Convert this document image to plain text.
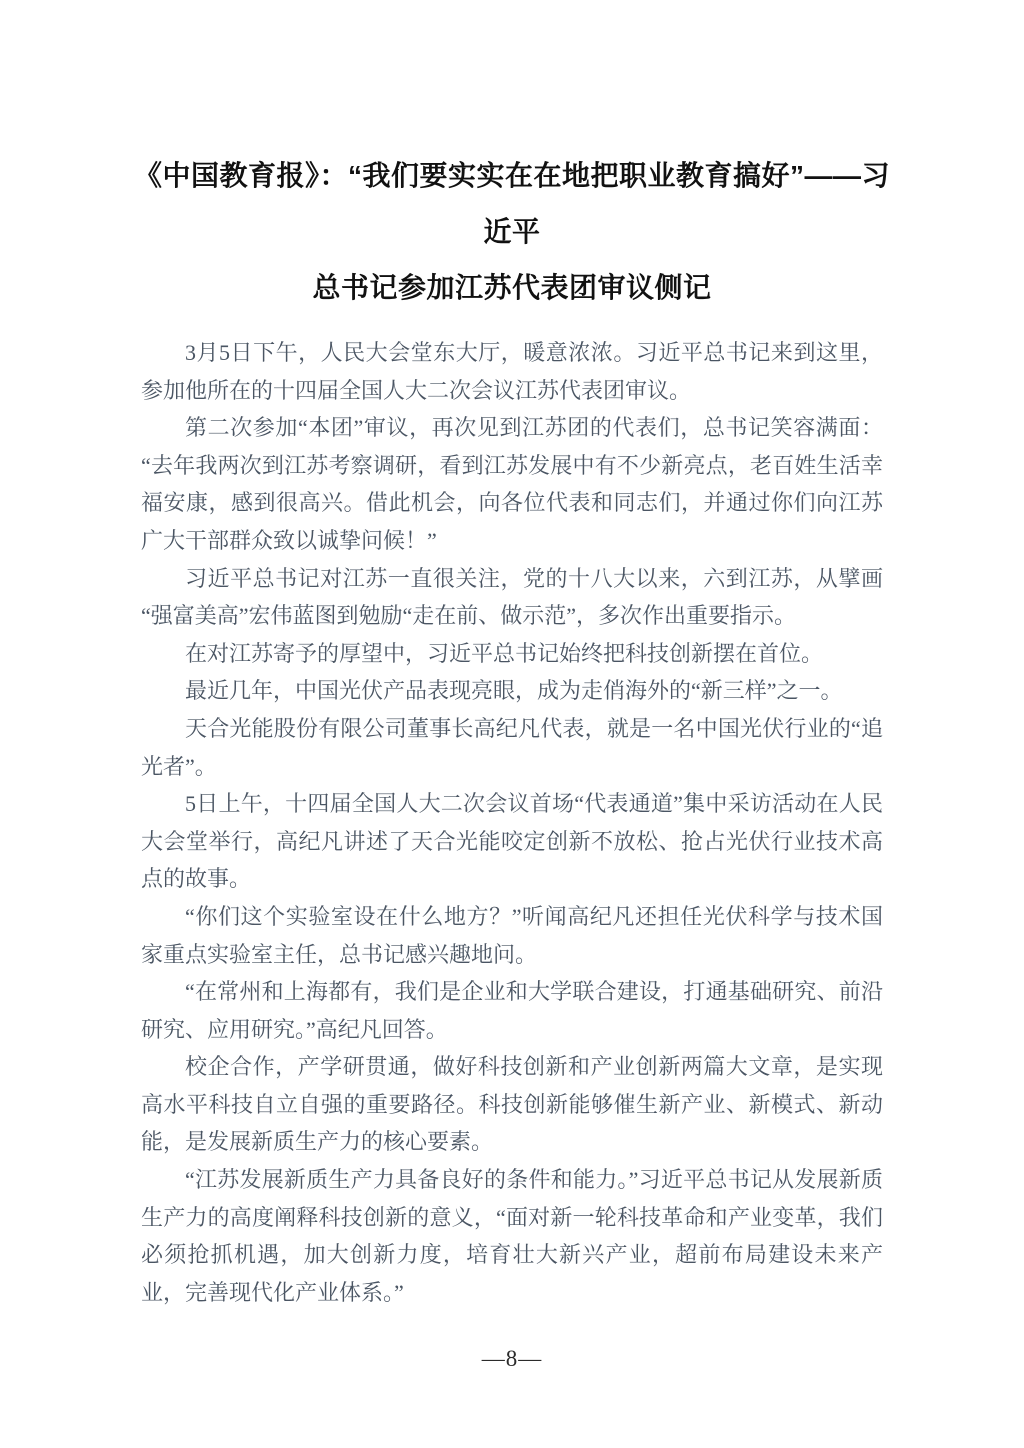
《中国教育报》：“我们要实实在在地把职业教育搞好”——习近平
总书记参加江苏代表团审议侧记

3月5日下午，人民大会堂东大厅，暖意浓浓。习近平总书记来到这里，参加他所在的十四届全国人大二次会议江苏代表团审议。

第二次参加“本团”审议，再次见到江苏团的代表们，总书记笑容满面：“去年我两次到江苏考察调研，看到江苏发展中有不少新亮点，老百姓生活幸福安康，感到很高兴。借此机会，向各位代表和同志们，并通过你们向江苏广大干部群众致以诚挚问候！”

习近平总书记对江苏一直很关注，党的十八大以来，六到江苏，从擘画“强富美高”宏伟蓝图到勉励“走在前、做示范”，多次作出重要指示。

在对江苏寄予的厚望中，习近平总书记始终把科技创新摆在首位。

最近几年，中国光伏产品表现亮眼，成为走俏海外的“新三样”之一。

天合光能股份有限公司董事长高纪凡代表，就是一名中国光伏行业的“追光者”。

5日上午，十四届全国人大二次会议首场“代表通道”集中采访活动在人民大会堂举行，高纪凡讲述了天合光能咬定创新不放松、抢占光伏行业技术高点的故事。

“你们这个实验室设在什么地方？”听闻高纪凡还担任光伏科学与技术国家重点实验室主任，总书记感兴趣地问。

“在常州和上海都有，我们是企业和大学联合建设，打通基础研究、前沿研究、应用研究。”高纪凡回答。

校企合作，产学研贯通，做好科技创新和产业创新两篇大文章，是实现高水平科技自立自强的重要路径。科技创新能够催生新产业、新模式、新动能，是发展新质生产力的核心要素。

“江苏发展新质生产力具备良好的条件和能力。”习近平总书记从发展新质生产力的高度阐释科技创新的意义，“面对新一轮科技革命和产业变革，我们必须抢抓机遇，加大创新力度，培育壮大新兴产业，超前布局建设未来产业，完善现代化产业体系。”

—8—
